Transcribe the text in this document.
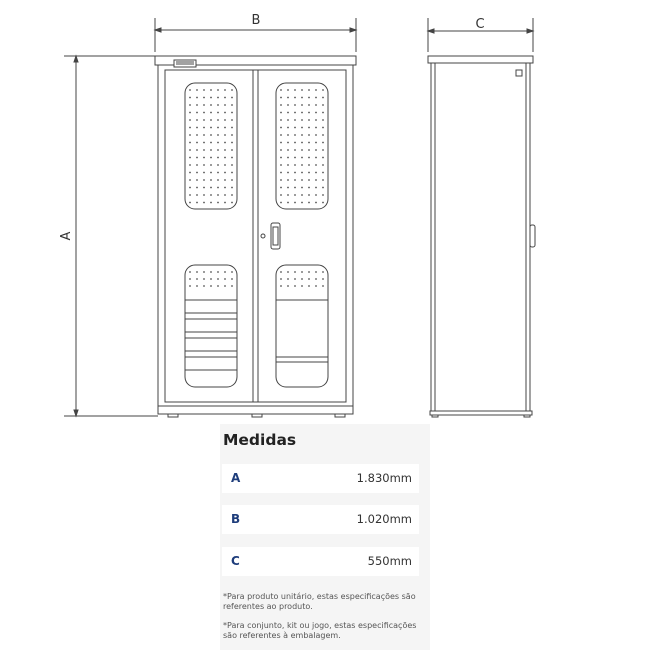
B	C
A
Medidas
A	1.830mm
B	1.020mm
C	550mm
*Para produto unitário, estas especificações são referentes ao produto.
*Para conjunto, kit ou jogo, estas especificações são referentes à embalagem.
